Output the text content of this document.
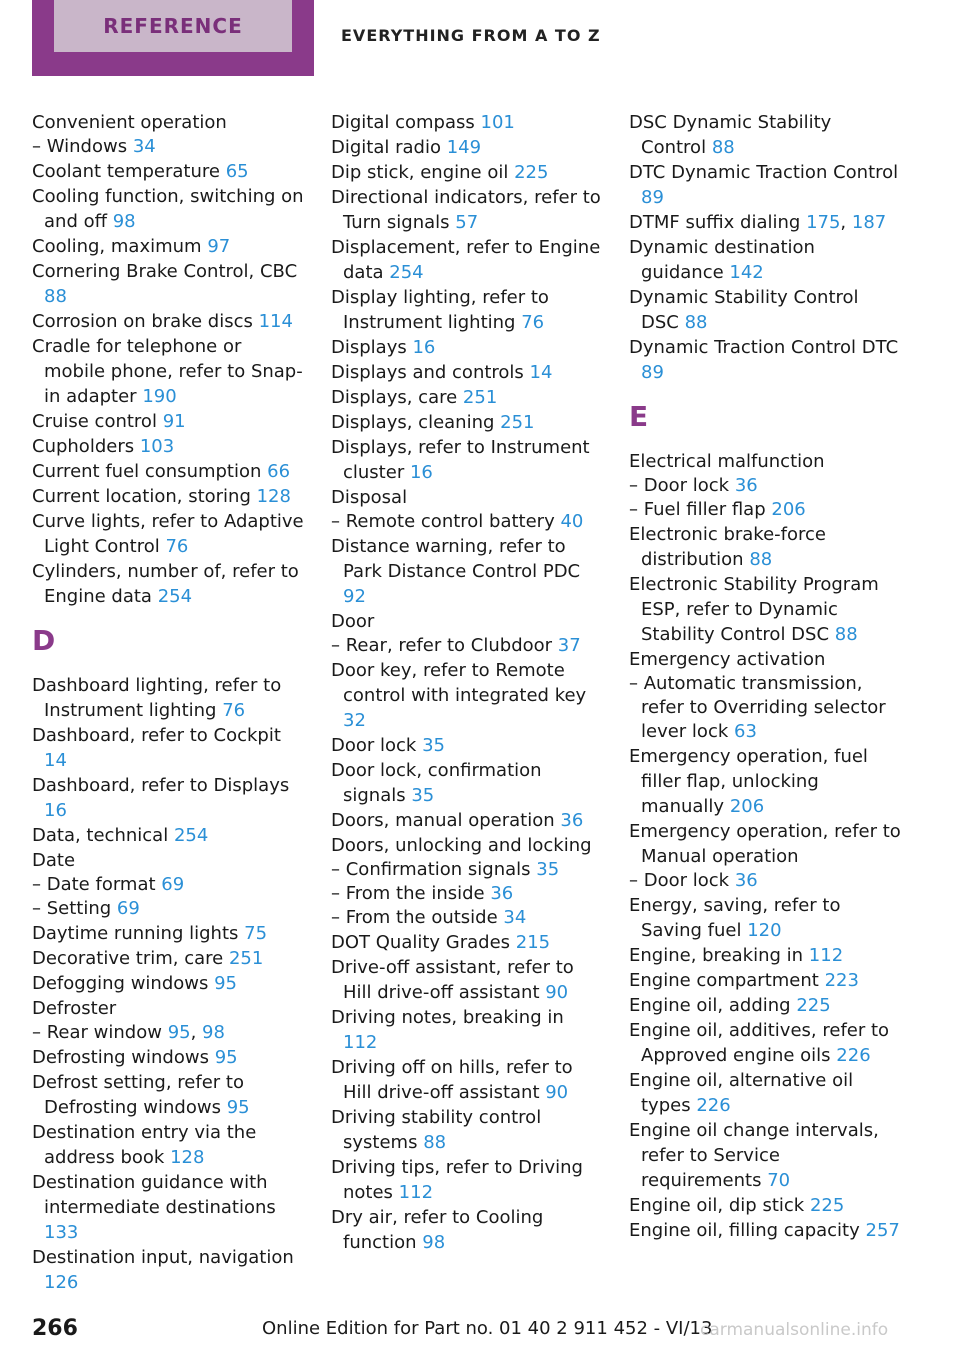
REFERENCE	EVERYTHING FROM A TO Z
Convenient operation
– Windows 34
Coolant temperature 65
Cooling function, switching on and off 98
Cooling, maximum 97
Cornering Brake Control, CBC 88
Corrosion on brake discs 114
Cradle for telephone or mobile phone, refer to Snap-in adapter 190
Cruise control 91
Cupholders 103
Current fuel consumption 66
Current location, storing 128
Curve lights, refer to Adaptive Light Control 76
Cylinders, number of, refer to Engine data 254
D
Dashboard lighting, refer to Instrument lighting 76
Dashboard, refer to Cockpit 14
Dashboard, refer to Displays 16
Data, technical 254
Date
– Date format 69
– Setting 69
Daytime running lights 75
Decorative trim, care 251
Defogging windows 95
Defroster
– Rear window 95, 98
Defrosting windows 95
Defrost setting, refer to Defrosting windows 95
Destination entry via the address book 128
Destination guidance with intermediate destinations 133
Destination input, navigation 126
Digital compass 101
Digital radio 149
Dip stick, engine oil 225
Directional indicators, refer to Turn signals 57
Displacement, refer to Engine data 254
Display lighting, refer to Instrument lighting 76
Displays 16
Displays and controls 14
Displays, care 251
Displays, cleaning 251
Displays, refer to Instrument cluster 16
Disposal
– Remote control battery 40
Distance warning, refer to Park Distance Control PDC 92
Door
– Rear, refer to Clubdoor 37
Door key, refer to Remote control with integrated key 32
Door lock 35
Door lock, confirmation signals 35
Doors, manual operation 36
Doors, unlocking and locking
– Confirmation signals 35
– From the inside 36
– From the outside 34
DOT Quality Grades 215
Drive-off assistant, refer to Hill drive-off assistant 90
Driving notes, breaking in 112
Driving off on hills, refer to Hill drive-off assistant 90
Driving stability control systems 88
Driving tips, refer to Driving notes 112
Dry air, refer to Cooling function 98
DSC Dynamic Stability Control 88
DTC Dynamic Traction Control 89
DTMF suffix dialing 175, 187
Dynamic destination guidance 142
Dynamic Stability Control DSC 88
Dynamic Traction Control DTC 89
E
Electrical malfunction
– Door lock 36
– Fuel filler flap 206
Electronic brake-force distribution 88
Electronic Stability Program ESP, refer to Dynamic Stability Control DSC 88
Emergency activation
– Automatic transmission, refer to Overriding selector lever lock 63
Emergency operation, fuel filler flap, unlocking manually 206
Emergency operation, refer to Manual operation
– Door lock 36
Energy, saving, refer to Saving fuel 120
Engine, breaking in 112
Engine compartment 223
Engine oil, adding 225
Engine oil, additives, refer to Approved engine oils 226
Engine oil, alternative oil types 226
Engine oil change intervals, refer to Service requirements 70
Engine oil, dip stick 225
Engine oil, filling capacity 257
266	Online Edition for Part no. 01 40 2 911 452 - VI/13
carmanualsonline.info
